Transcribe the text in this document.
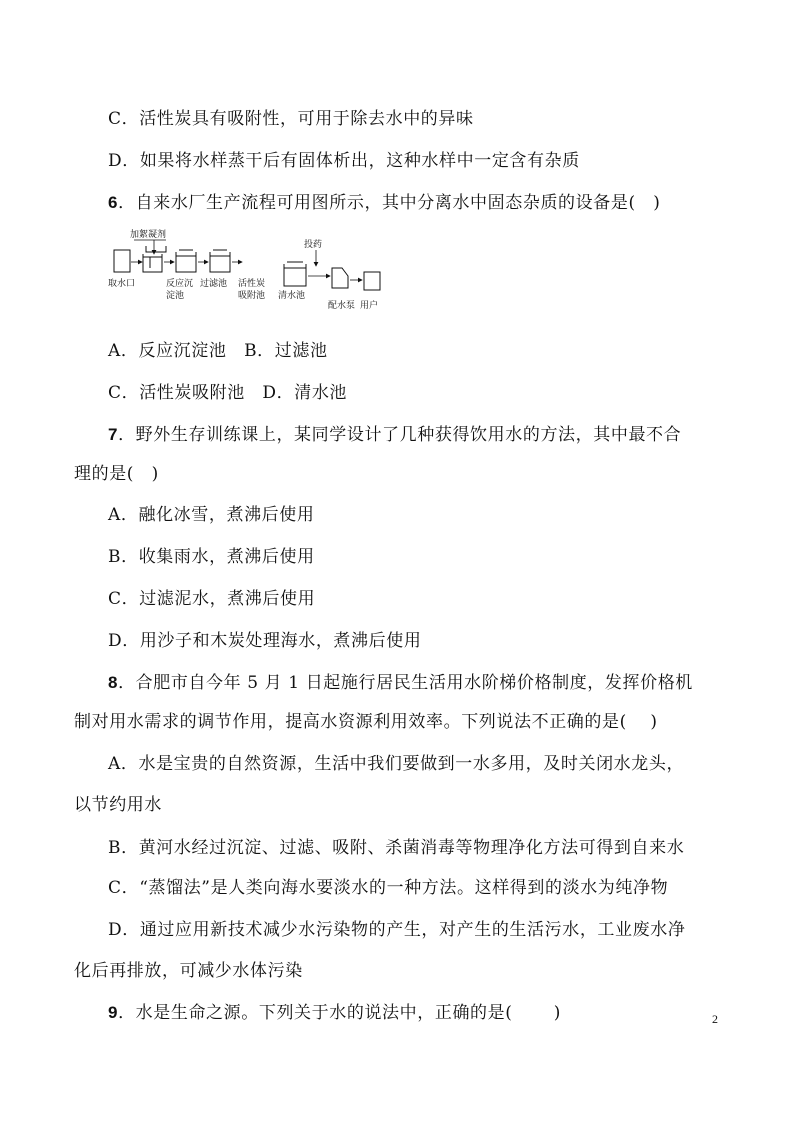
C．活性炭具有吸附性，可用于除去水中的异味
D．如果将水样蒸干后有固体析出，这种水样中一定含有杂质
6．自来水厂生产流程可用图所示，其中分离水中固态杂质的设备是(　)
加絮凝剂
投药
取水口	反应沉
淀池
过滤池 活性炭
吸附池 清水池
配水泵 用户
A．反应沉淀池　B．过滤池
C．活性炭吸附池　D．清水池
7．野外生存训练课上，某同学设计了几种获得饮用水的方法，其中最不合
理的是(　)
A．融化冰雪，煮沸后使用
B．收集雨水，煮沸后使用
C．过滤泥水，煮沸后使用
D．用沙子和木炭处理海水，煮沸后使用
8．合肥市自今年 5 月 1 日起施行居民生活用水阶梯价格制度，发挥价格机
制对用水需求的调节作用，提高水资源利用效率。下列说法不正确的是(　 )
A．水是宝贵的自然资源，生活中我们要做到一水多用，及时关闭水龙头，
以节约用水
B．黄河水经过沉淀、过滤、吸附、杀菌消毒等物理净化方法可得到自来水
C．“蒸馏法”是人类向海水要淡水的一种方法。这样得到的淡水为纯净物
D．通过应用新技术减少水污染物的产生，对产生的生活污水，工业废水净
化后再排放，可减少水体污染
9．水是生命之源。下列关于水的说法中，正确的是(　 　)	2
